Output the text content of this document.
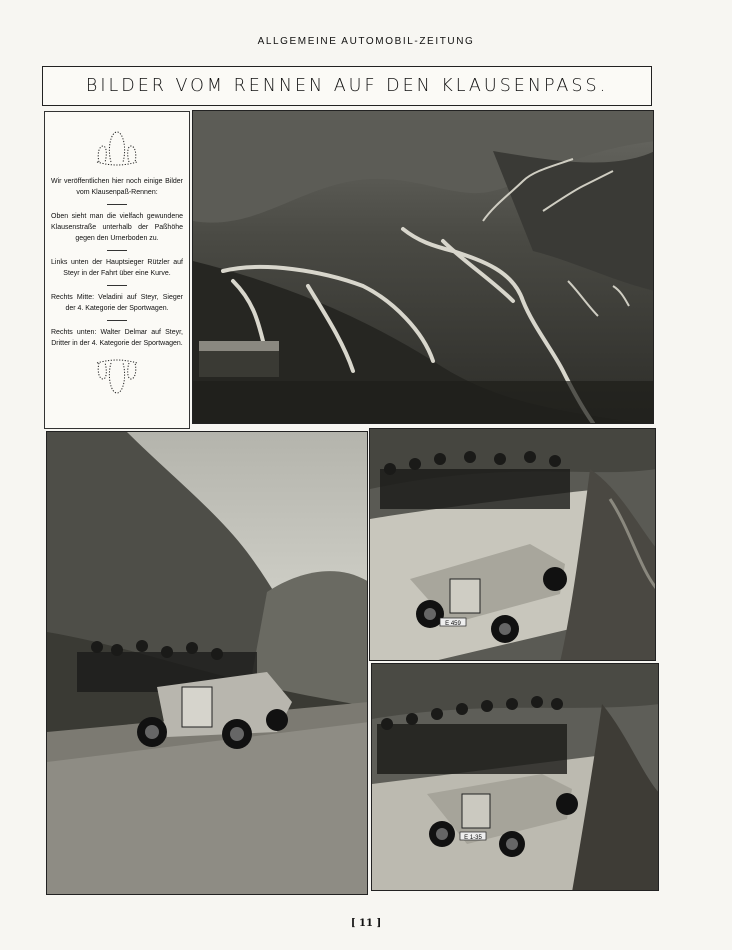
ALLGEMEINE AUTOMOBIL-ZEITUNG
BILDER VOM RENNEN AUF DEN KLAUSENPASS.

Wir veröffentlichen hier noch einige Bilder vom Klausenpaß-Rennen:

Oben sieht man die vielfach gewundene Klausenstraße unterhalb der Paßhöhe gegen den Urnerboden zu.

Links unten der Hauptsieger Rützler auf Steyr in der Fahrt über eine Kurve.

Rechts Mitte: Veladini auf Steyr, Sieger der 4. Kategorie der Sportwagen.

Rechts unten: Walter Delmar auf Steyr, Dritter in der 4. Kategorie der Sportwagen.

E 459
E 1-35
[ 11 ]
